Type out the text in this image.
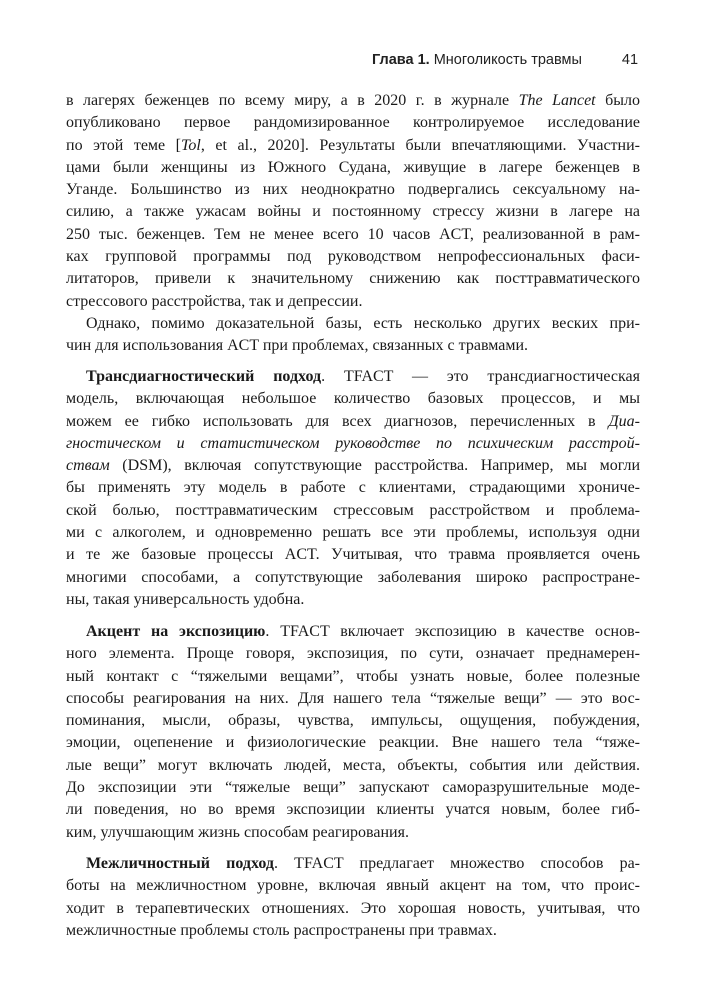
Глава 1. Многоликость травмы	41
в лагерях беженцев по всему миру, а в 2020 г. в журнале The Lancet было
опубликовано первое рандомизированное контролируемое исследование
по этой теме [Tol, et al., 2020]. Результаты были впечатляющими. Участни-
цами были женщины из Южного Судана, живущие в лагере беженцев в
Уганде. Большинство из них неоднократно подвергались сексуальному на-
силию, а также ужасам войны и постоянному стрессу жизни в лагере на
250 тыс. беженцев. Тем не менее всего 10 часов ACT, реализованной в рам-
ках групповой программы под руководством непрофессиональных фаси-
литаторов, привели к значительному снижению как посттравматического
стрессового расстройства, так и депрессии.
Однако, помимо доказательной базы, есть несколько других веских при-
чин для использования ACT при проблемах, связанных с травмами.
Трансдиагностический подход. TFACT — это трансдиагностическая
модель, включающая небольшое количество базовых процессов, и мы
можем ее гибко использовать для всех диагнозов, перечисленных в Диа-
гностическом и статистическом руководстве по психическим расстрой-
ствам (DSM), включая сопутствующие расстройства. Например, мы могли
бы применять эту модель в работе с клиентами, страдающими хрониче-
ской болью, посттравматическим стрессовым расстройством и проблема-
ми с алкоголем, и одновременно решать все эти проблемы, используя одни
и те же базовые процессы ACT. Учитывая, что травма проявляется очень
многими способами, а сопутствующие заболевания широко распростране-
ны, такая универсальность удобна.
Акцент на экспозицию. TFACT включает экспозицию в качестве основ-
ного элемента. Проще говоря, экспозиция, по сути, означает преднамерен-
ный контакт с “тяжелыми вещами”, чтобы узнать новые, более полезные
способы реагирования на них. Для нашего тела “тяжелые вещи” — это вос-
поминания, мысли, образы, чувства, импульсы, ощущения, побуждения,
эмоции, оцепенение и физиологические реакции. Вне нашего тела “тяже-
лые вещи” могут включать людей, места, объекты, события или действия.
До экспозиции эти “тяжелые вещи” запускают саморазрушительные моде-
ли поведения, но во время экспозиции клиенты учатся новым, более гиб-
ким, улучшающим жизнь способам реагирования.
Межличностный подход. TFACT предлагает множество способов ра-
боты на межличностном уровне, включая явный акцент на том, что проис-
ходит в терапевтических отношениях. Это хорошая новость, учитывая, что
межличностные проблемы столь распространены при травмах.
